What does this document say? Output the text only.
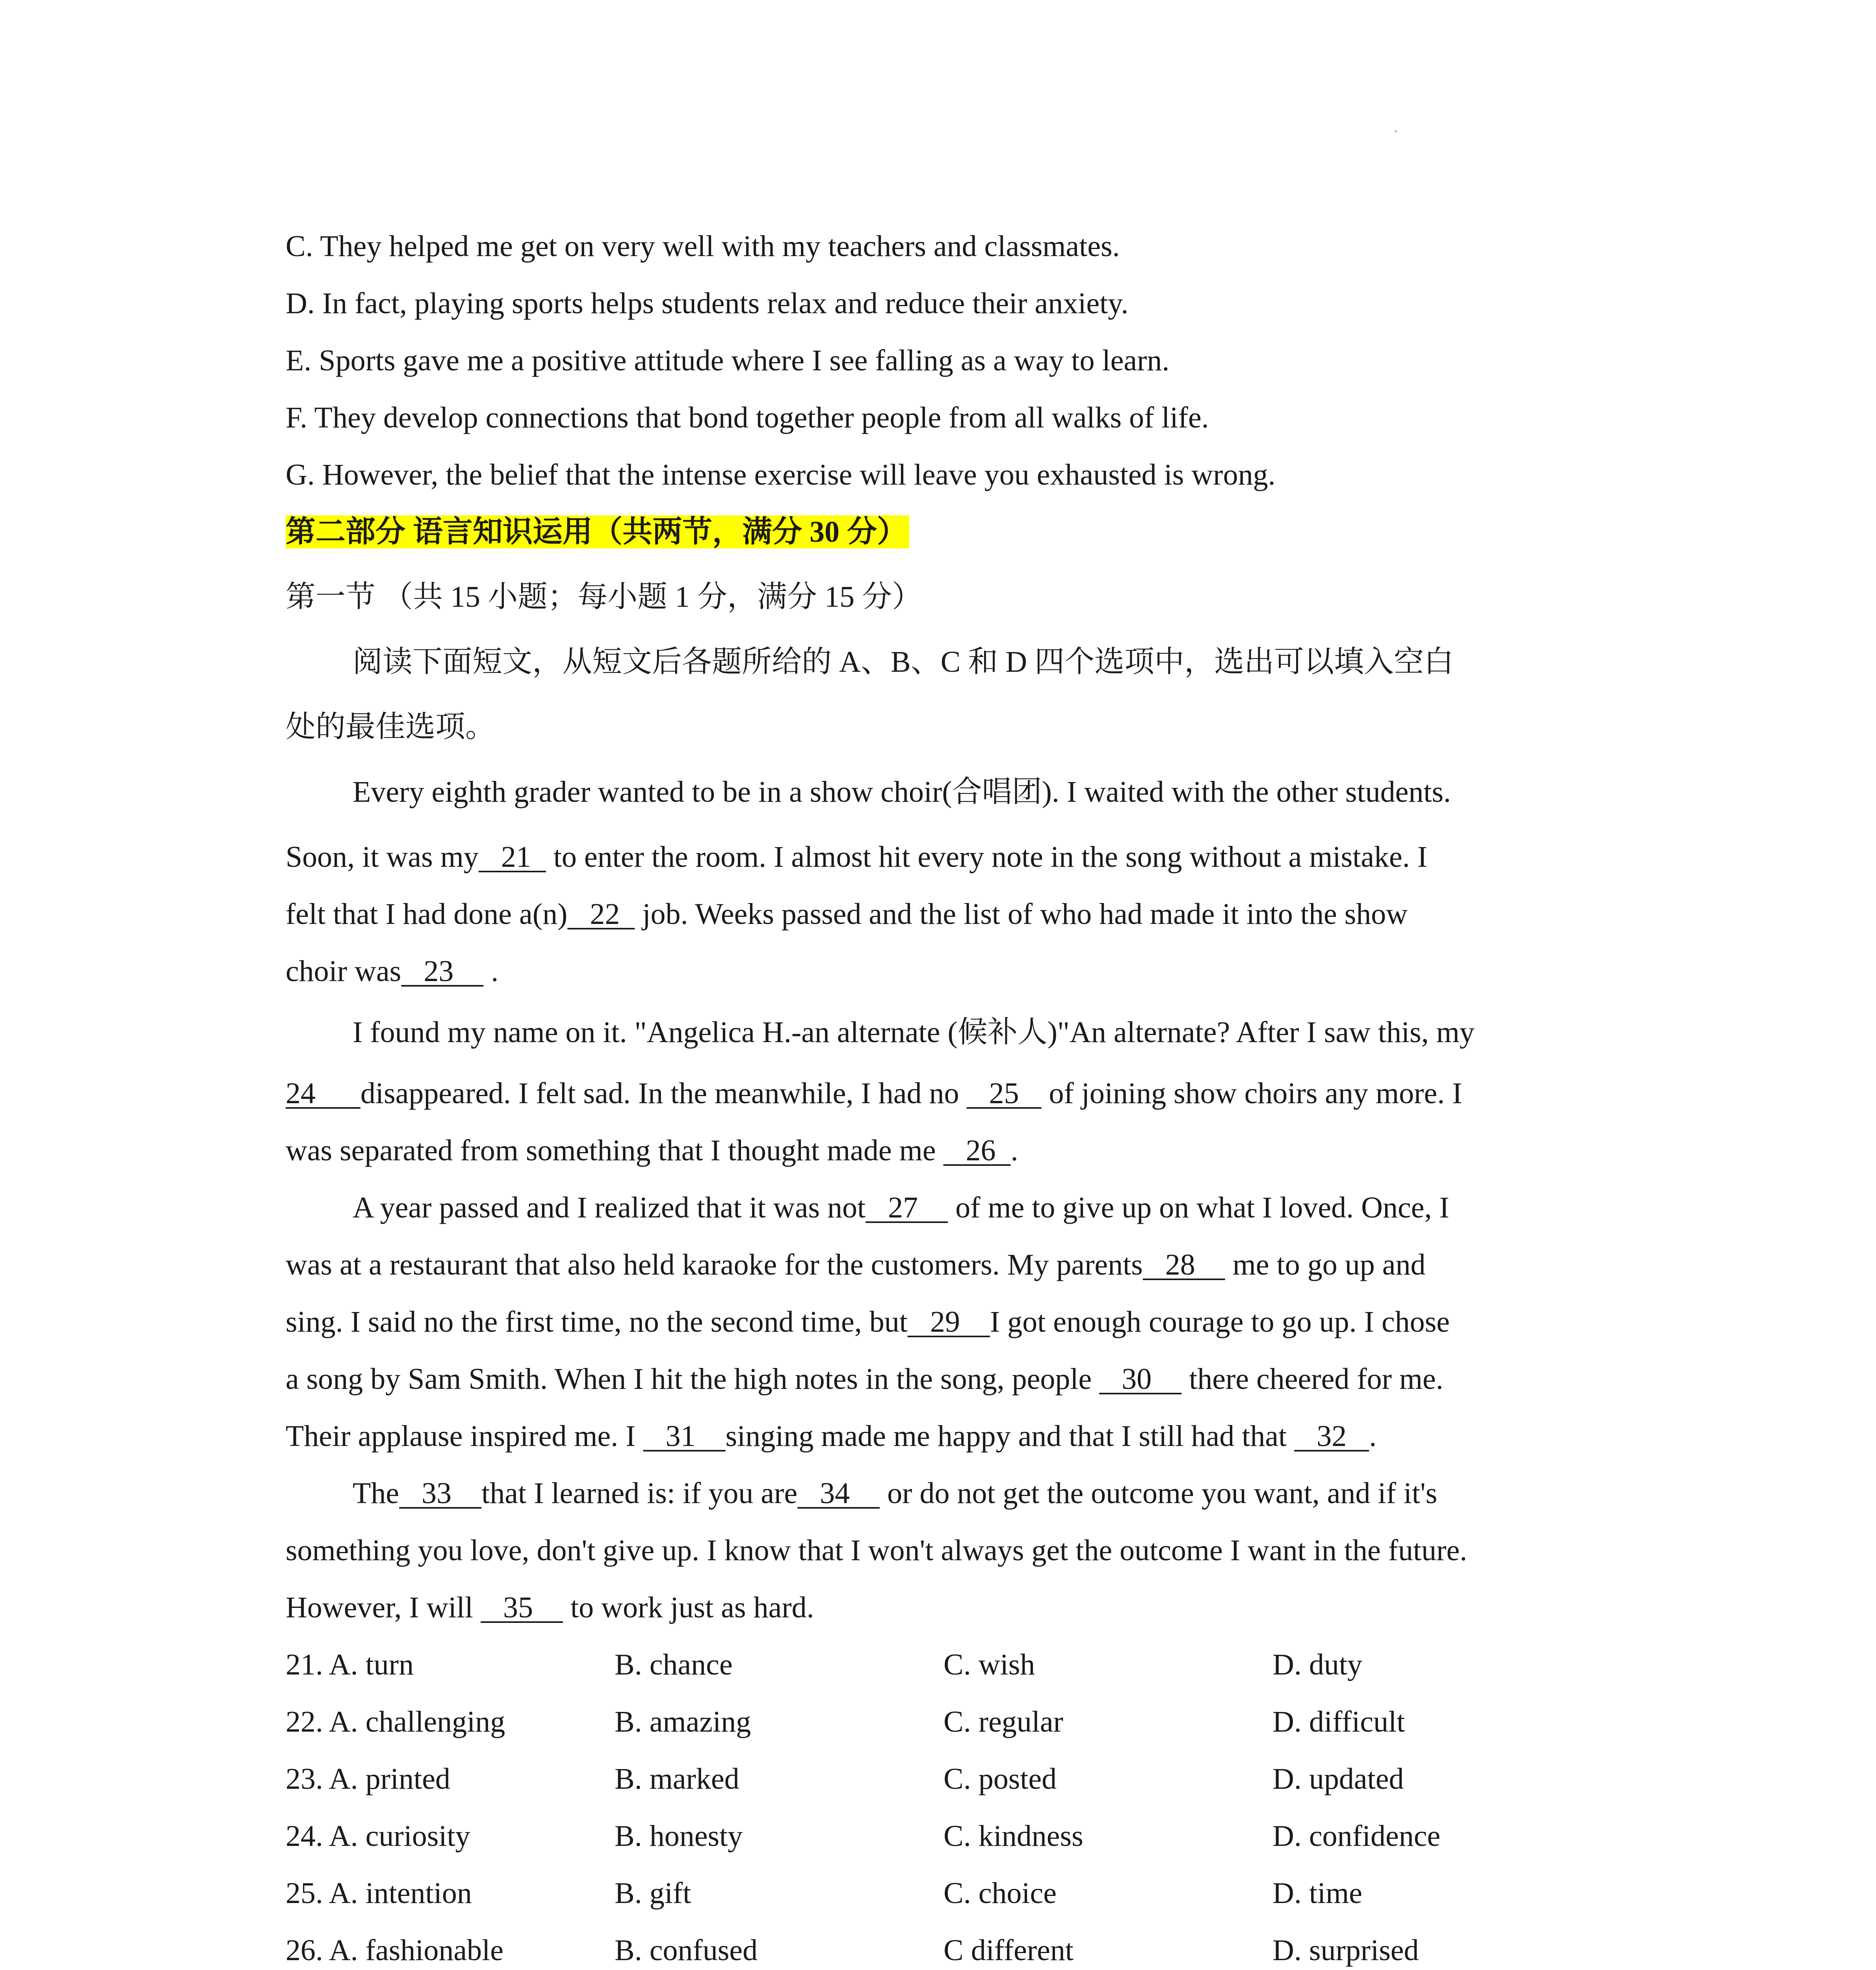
C. They helped me get on very well with my teachers and classmates.
D. In fact, playing sports helps students relax and reduce their anxiety.
E. Sports gave me a positive attitude where I see falling as a way to learn.
F. They develop connections that bond together people from all walks of life.
G. However, the belief that the intense exercise will leave you exhausted is wrong.
第二部分 语言知识运用（共两节，满分 30 分）
第一节 （共 15 小题；每小题 1 分，满分 15 分）
阅读下面短文，从短文后各题所给的 A、B、C 和 D 四个选项中，选出可以填入空白
处的最佳选项。
Every eighth grader wanted to be in a show choir(合唱团). I waited with the other students.
Soon, it was my   21   to enter the room. I almost hit every note in the song without a mistake. I
felt that I had done a(n)   22   job. Weeks passed and the list of who had made it into the show
choir was   23     .
I found my name on it. "Angelica H.-an alternate (候补人)"An alternate? After I saw this, my
24      disappeared. I felt sad. In the meanwhile, I had no    25    of joining show choirs any more. I
was separated from something that I thought made me    26  .
A year passed and I realized that it was not   27     of me to give up on what I loved. Once, I
was at a restaurant that also held karaoke for the customers. My parents   28     me to go up and
sing. I said no the first time, no the second time, but   29    I got enough courage to go up. I chose
a song by Sam Smith. When I hit the high notes in the song, people    30     there cheered for me.
Their applause inspired me. I    31    singing made me happy and that I still had that    32   .
The   33    that I learned is: if you are   34     or do not get the outcome you want, and if it's
something you love, don't give up. I know that I won't always get the outcome I want in the future.
However, I will    35     to work just as hard.
21. A. turn	B. chance	C. wish	D. duty
22. A. challenging	B. amazing	C. regular	D. difficult
23. A. printed	B. marked	C. posted	D. updated
24. A. curiosity	B. honesty	C. kindness	D. confidence
25. A. intention	B. gift	C. choice	D. time
26. A. fashionable	B. confused	C different	D. surprised
